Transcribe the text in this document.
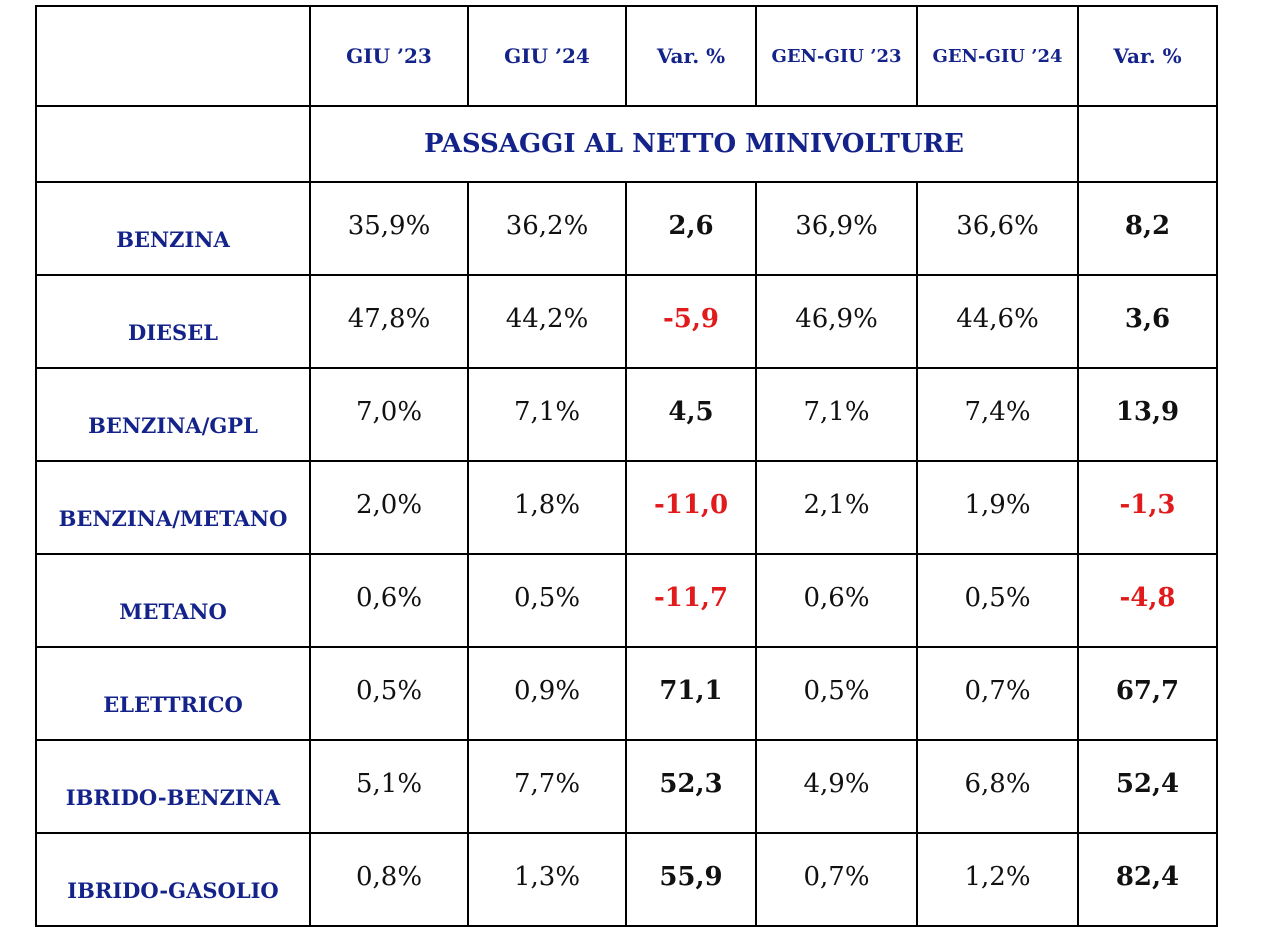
	GIU ’23	GIU ’24	Var. %	GEN-GIU ’23	GEN-GIU ’24	Var. %
	PASSAGGI AL NETTO MINIVOLTURE					
BENZINA	35,9%	36,2%	2,6	36,9%	36,6%	8,2
DIESEL	47,8%	44,2%	-5,9	46,9%	44,6%	3,6
BENZINA/GPL	7,0%	7,1%	4,5	7,1%	7,4%	13,9
BENZINA/METANO	2,0%	1,8%	-11,0	2,1%	1,9%	-1,3
METANO	0,6%	0,5%	-11,7	0,6%	0,5%	-4,8
ELETTRICO	0,5%	0,9%	71,1	0,5%	0,7%	67,7
IBRIDO-BENZINA	5,1%	7,7%	52,3	4,9%	6,8%	52,4
IBRIDO-GASOLIO	0,8%	1,3%	55,9	0,7%	1,2%	82,4
